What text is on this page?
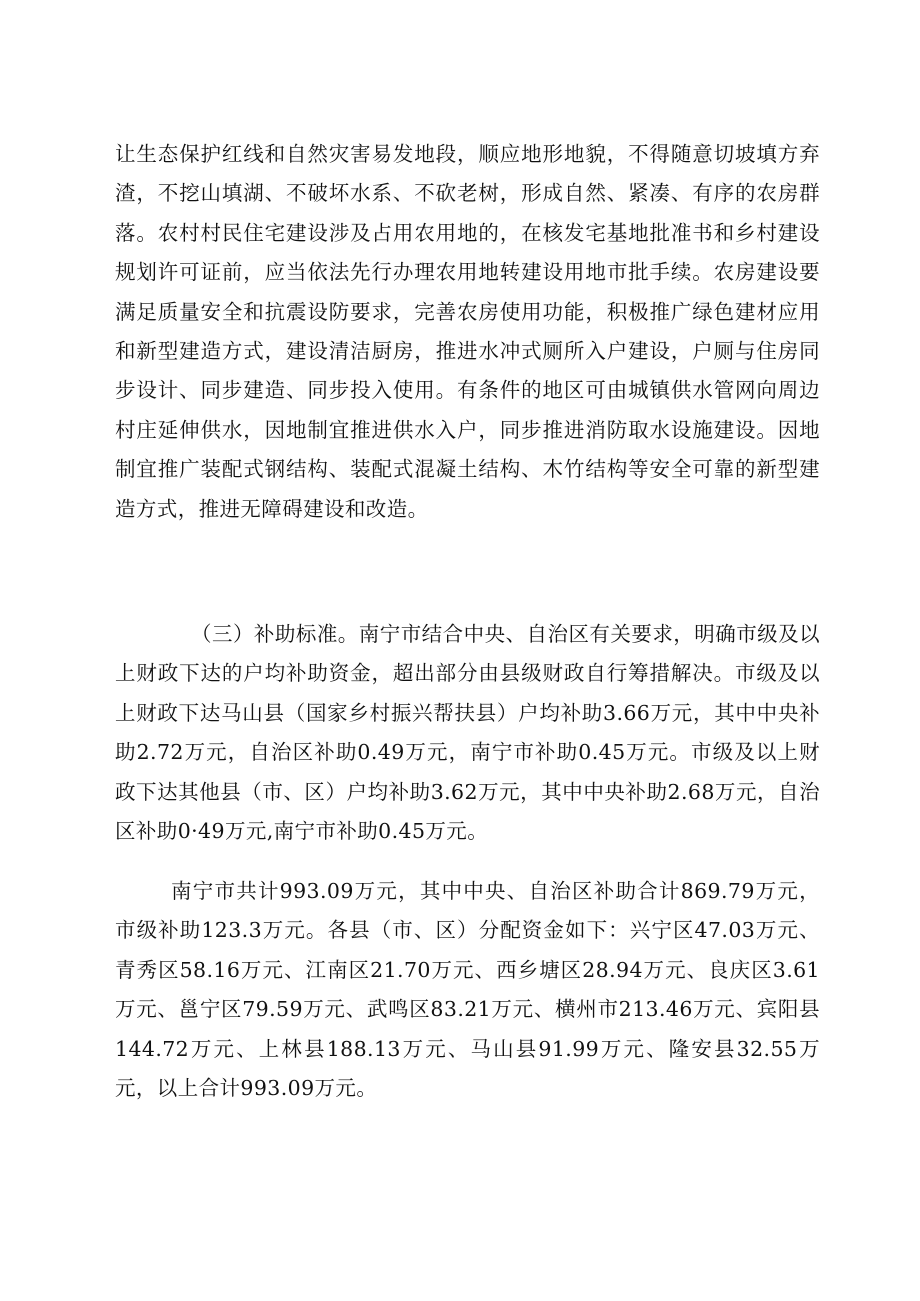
让生态保护红线和自然灾害易发地段，顺应地形地貌，不得随意切坡填方弃渣，不挖山填湖、不破坏水系、不砍老树，形成自然、紧凑、有序的农房群落。农村村民住宅建设涉及占用农用地的，在核发宅基地批准书和乡村建设规划许可证前，应当依法先行办理农用地转建设用地市批手续。农房建设要满足质量安全和抗震设防要求，完善农房使用功能，积极推广绿色建材应用和新型建造方式，建设清洁厨房，推进水冲式厕所入户建设，户厕与住房同步设计、同步建造、同步投入使用。有条件的地区可由城镇供水管网向周边村庄延伸供水，因地制宜推进供水入户，同步推进消防取水设施建设。因地制宜推广装配式钢结构、装配式混凝土结构、木竹结构等安全可靠的新型建造方式，推进无障碍建设和改造。

（三）补助标准。南宁市结合中央、自治区有关要求，明确市级及以上财政下达的户均补助资金，超出部分由县级财政自行筹措解决。市级及以上财政下达马山县（国家乡村振兴帮扶县）户均补助3.66万元，其中中央补助2.72万元，自治区补助0.49万元，南宁市补助0.45万元。市级及以上财政下达其他县（市、区）户均补助3.62万元，其中中央补助2.68万元，自治区补助0·49万元,南宁市补助0.45万元。

南宁市共计993.09万元，其中中央、自治区补助合计869.79万元，市级补助123.3万元。各县（市、区）分配资金如下：兴宁区47.03万元、青秀区58.16万元、江南区21.70万元、西乡塘区28.94万元、良庆区3.61万元、邕宁区79.59万元、武鸣区83.21万元、横州市213.46万元、宾阳县144.72万元、上林县188.13万元、马山县91.99万元、隆安县32.55万元，以上合计993.09万元。
